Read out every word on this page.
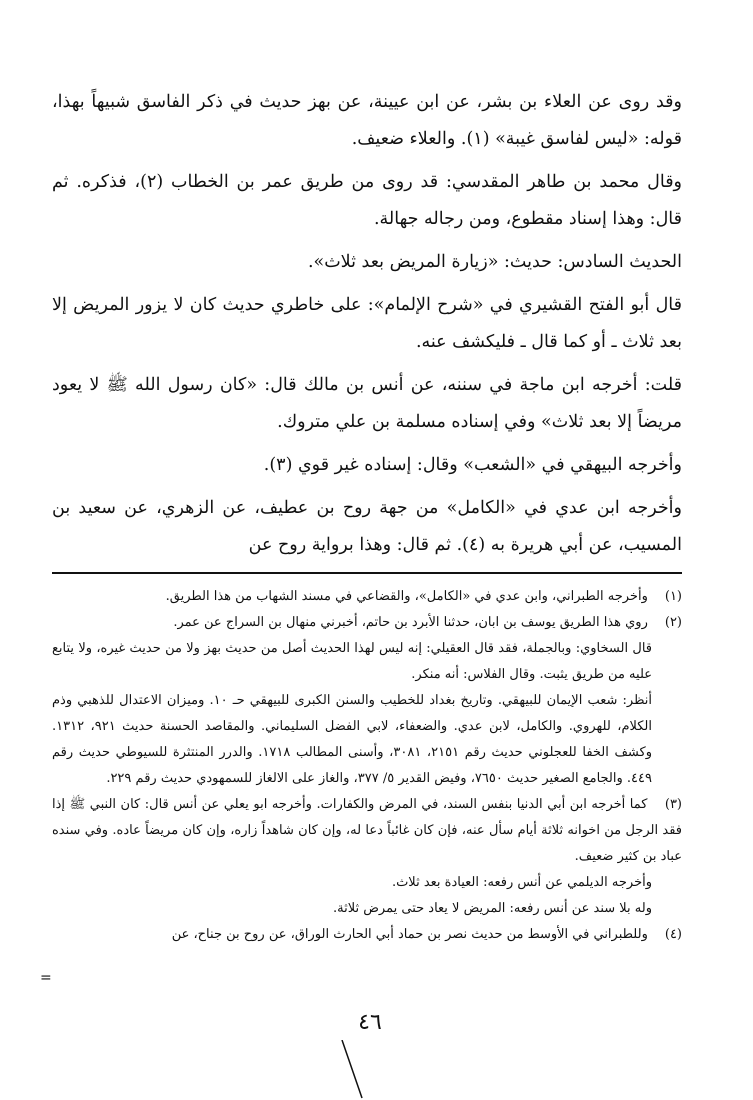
وقد روى عن العلاء بن بشر، عن ابن عيينة، عن بهز حديث في ذكر الفاسق شبيهاً بهذا، قوله: «ليس لفاسق غيبة» (١). والعلاء ضعيف.

وقال محمد بن طاهر المقدسي: قد روى من طريق عمر بن الخطاب (٢)، فذكره. ثم قال: وهذا إسناد مقطوع، ومن رجاله جهالة.

الحديث السادس: حديث: «زيارة المريض بعد ثلاث».

قال أبو الفتح القشيري في «شرح الإلمام»: على خاطري حديث كان لا يزور المريض إلا بعد ثلاث ـ أو كما قال ـ فليكشف عنه.

قلت: أخرجه ابن ماجة في سننه، عن أنس بن مالك قال: «كان رسول الله ﷺ لا يعود مريضاً إلا بعد ثلاث» وفي إسناده مسلمة بن علي متروك.

وأخرجه البيهقي في «الشعب» وقال: إسناده غير قوي (٣).

وأخرجه ابن عدي في «الكامل» من جهة روح بن عطيف، عن الزهري، عن سعيد بن المسيب، عن أبي هريرة به (٤). ثم قال: وهذا برواية روح عن

(١) وأخرجه الطبراني، وابن عدي في «الكامل»، والقضاعي في مسند الشهاب من هذا الطريق.

(٢) روي هذا الطريق يوسف بن ابان، حدثنا الأبرد بن حاتم، أخبرني منهال بن السراج عن عمر.

قال السخاوي: وبالجملة، فقد قال العقيلي: إنه ليس لهذا الحديث أصل من حديث بهز ولا من حديث غيره، ولا يتابع عليه من طريق يثبت. وقال الفلاس: أنه منكر.

أنظر: شعب الإيمان للبيهقي. وتاريخ بغداد للخطيب والسنن الكبرى للبيهقي حـ ١٠. وميزان الاعتدال للذهبي وذم الكلام، للهروي. والكامل، لابن عدي. والضعفاء، لابي الفضل السليماني. والمقاصد الحسنة حديث ٩٢١، ١٣١٢. وكشف الخفا للعجلوني حديث رقم ٢١٥١، ٣٠٨١، وأسنى المطالب ١٧١٨. والدرر المنتثرة للسيوطي حديث رقم ٤٤٩. والجامع الصغير حديث ٧٦٥٠، وفيض القدير ٥/ ٣٧٧، والغاز على الالغاز للسمهودي حديث رقم ٢٢٩.

(٣) كما أخرجه ابن أبي الدنيا بنفس السند، في المرض والكفارات. وأخرجه ابو يعلي عن أنس قال: كان النبي ﷺ إذا فقد الرجل من اخوانه ثلاثة أيام سأل عنه، فإن كان غائباً دعا له، وإن كان شاهداً زاره، وإن كان مريضاً عاده. وفي سنده عباد بن كثير ضعيف.

وأخرجه الديلمي عن أنس رفعه: العيادة بعد ثلاث.

وله بلا سند عن أنس رفعه: المريض لا يعاد حتى يمرض ثلاثة.

(٤) وللطبراني في الأوسط من حديث نصر بن حماد أبي الحارث الوراق، عن روح بن جناح، عن

=
٤٦
